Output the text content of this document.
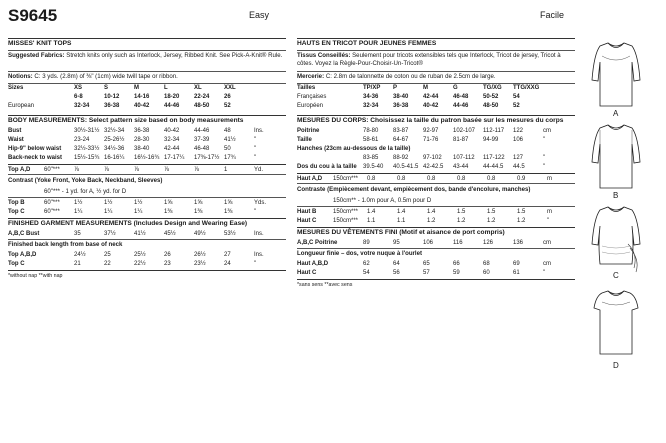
S9645	Easy	Facile
MISSES' KNIT TOPS
Suggested Fabrics: Stretch knits only such as Interlock, Jersey, Ribbed Knit. See Pick-A-Knit® Rule.
Notions: C: 3 yds. (2.8m) of ⅜" (1cm) wide twill tape or ribbon.
Sizes	XS	S	M	L	XL	XXL	
	6-8	10-12	14-16	18-20	22-24	26	
European	32-34	36-38	40-42	44-46	48-50	52	
BODY MEASUREMENTS: Select pattern size based on body measurements
Bust	30½-31½	32½-34	36-38	40-42	44-46	48	Ins.
Waist	23-24	25-26½	28-30	32-34	37-39	41½	"
Hip-9" below waist	32½-33½	34½-36	38-40	42-44	46-48	50	"
Back-neck to waist	15½-15¾	16-16¼	16½-16¾	17-17¼	17⅜-17½	17¾	"
Top A,D	60"***	⅞	⅞	⅞	⅞	⅞	1	Yd.
Contrast (Yoke Front, Yoke Back, Neckband, Sleeves)
60"*** - 1 yd. for A, ½ yd. for D
Top B	60"***	1½	1½	1½	1⅝	1⅝	1⅝	Yds.
Top C	60"***	1¼	1¼	1¼	1⅜	1⅜	1⅜	"
FINISHED GARMENT MEASUREMENTS (Includes Design and Wearing Ease)
A,B,C Bust	35	37½	41½	45½	49½	53½	Ins.
Finished back length from base of neck
Top A,B,D	24½	25	25½	26	26½	27	Ins.
Top C	21	22	22½	23	23½	24	"
*without nap **with nap
HAUTS EN TRICOT POUR JEUNES FEMMES
Tissus Conseillés: Seulement pour tricots extensibles tels que Interlock, Tricot de jersey, Tricot à côtes. Voyez la Règle-Pour-Choisir-Un-Tricot®
Mercerie: C: 2.8m de talonnette de coton ou de ruban de 2.5cm de large.
Tailles	TP/XP	P	M	G	TG/XG	TTG/XXG	
Françaises	34-36	38-40	42-44	46-48	50-52	54	
Européen	32-34	36-38	40-42	44-46	48-50	52	
MESURES DU CORPS: Choisissez la taille du patron basée sur les mesures du corps
Poitrine	78-80	83-87	92-97	102-107	112-117	122	cm
Taille	58-61	64-67	71-76	81-87	94-99	106	"
Hanches (23cm au-dessous de la taille)
	83-85	88-92	97-102	107-112	117-122	127	"
Dos du cou à la taille	39.5-40	40.5-41.5	42-42.5	43-44	44-44.5	44.5	"
Haut A,D	150cm***	0.8	0.8	0.8	0.8	0.8	0.9	m
Contraste (Empiècement devant, empiècement dos, bande d'encolure, manches)
150cm** - 1.0m pour A, 0.5m pour D
Haut B	150cm***	1.4	1.4	1.4	1.5	1.5	1.5	m
Haut C	150cm***	1.1	1.1	1.2	1.2	1.2	1.2	"
MESURES DU VÊTEMENTS FINI (Motif et aisance de port compris)
A,B,C Poitrine	89	95	106	116	126	136	cm
Longueur finie – dos, votre nuque à l'ourlet
Haut A,B,D	62	64	65	66	68	69	cm
Haut C	54	56	57	59	60	61	"
*sans sens **avec sens
A
B
C
D
